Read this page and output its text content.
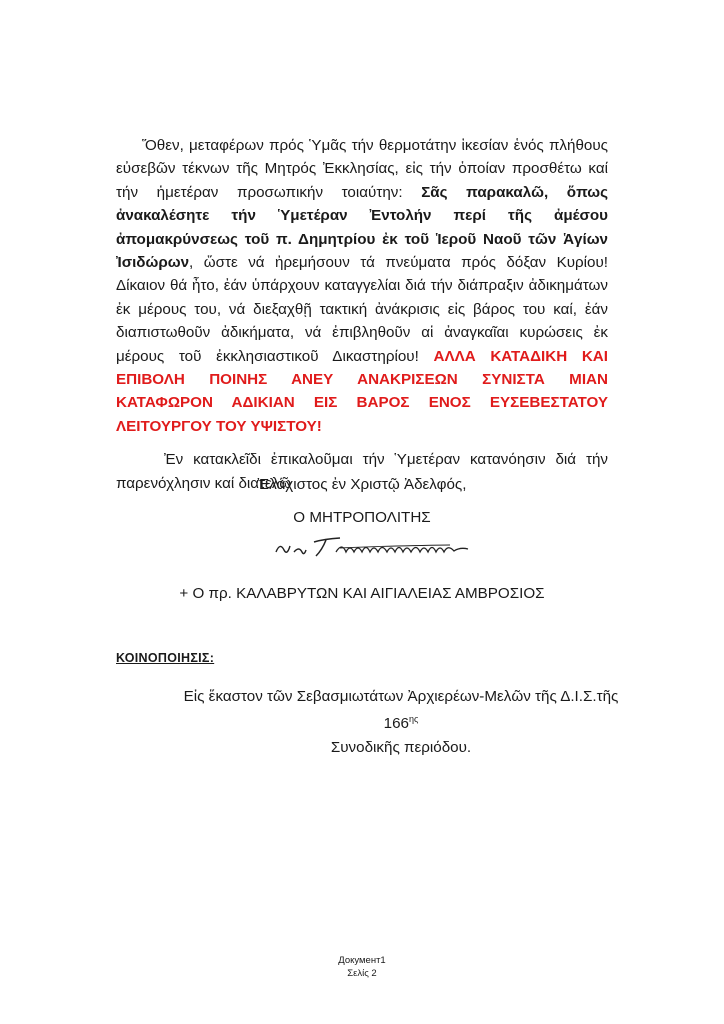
Ὅθεν, μεταφέρων πρός Ὑμᾶς τήν θερμοτάτην ἱκεσίαν ἑνός πλήθους εὐσεβῶν τέκνων τῆς Μητρός Ἐκκλησίας, εἰς τήν ὁποίαν προσθέτω καί τήν ἡμετέραν προσωπικήν τοιαύτην: Σᾶς παρακαλῶ, ὅπως ἀνακαλέσητε τήν Ὑμετέραν Ἐντολήν περί τῆς ἀμέσου ἀπομακρύνσεως τοῦ π. Δημητρίου ἐκ τοῦ Ἱεροῦ Ναοῦ τῶν Ἁγίων Ἰσιδώρων, ὥστε νά ἠρεμήσουν τά πνεύματα πρός δόξαν Κυρίου! Δίκαιον θά ἦτο, ἐάν ὑπάρχουν καταγγελίαι διά τήν διάπραξιν ἀδικημάτων ἐκ μέρους του, νά διεξαχθῇ τακτική ἀνάκρισις εἰς βάρος του καί, ἐάν διαπιστωθοῦν ἀδικήματα, νά ἐπιβληθοῦν αἱ ἀναγκαῖαι κυρώσεις ἐκ μέρους τοῦ ἐκκλησιαστικοῦ Δικαστηρίου! ΑΛΛΑ ΚΑΤΑΔΙΚΗ ΚΑΙ ΕΠΙΒΟΛΗ ΠΟΙΝΗΣ ΑΝΕΥ ΑΝΑΚΡΙΣΕΩΝ ΣΥΝΙΣΤΑ ΜΙΑΝ ΚΑΤΑΦΩΡΟΝ ΑΔΙΚΙΑΝ ΕΙΣ ΒΑΡΟΣ ΕΝΟΣ ΕΥΣΕΒΕΣΤΑΤΟΥ ΛΕΙΤΟΥΡΓΟΥ ΤΟΥ ΥΨΙΣΤΟΥ!

Ἐν κατακλεῖδι ἐπικαλοῦμαι τήν Ὑμετέραν κατανόησιν διά τήν παρενόχλησιν καί διατελῶ

Ἐλάχιστος ἐν Χριστῷ Ἀδελφός,
Ο ΜΗΤΡΟΠΟΛΙΤΗΣ
+ Ο πρ. ΚΑΛΑΒΡΥΤΩΝ ΚΑΙ ΑΙΓΙΑΛΕΙΑΣ ΑΜΒΡΟΣΙΟΣ
ΚΟΙΝΟΠΟΙΗΣΙΣ:
Εἰς ἕκαστον τῶν Σεβασμιωτάτων Ἀρχιερέων-Μελῶν τῆς Δ.Ι.Σ.τῆς $166^{\eta\varsigma}$
Συνοδικῆς περιόδου.
Документ1
Σελίς 2
